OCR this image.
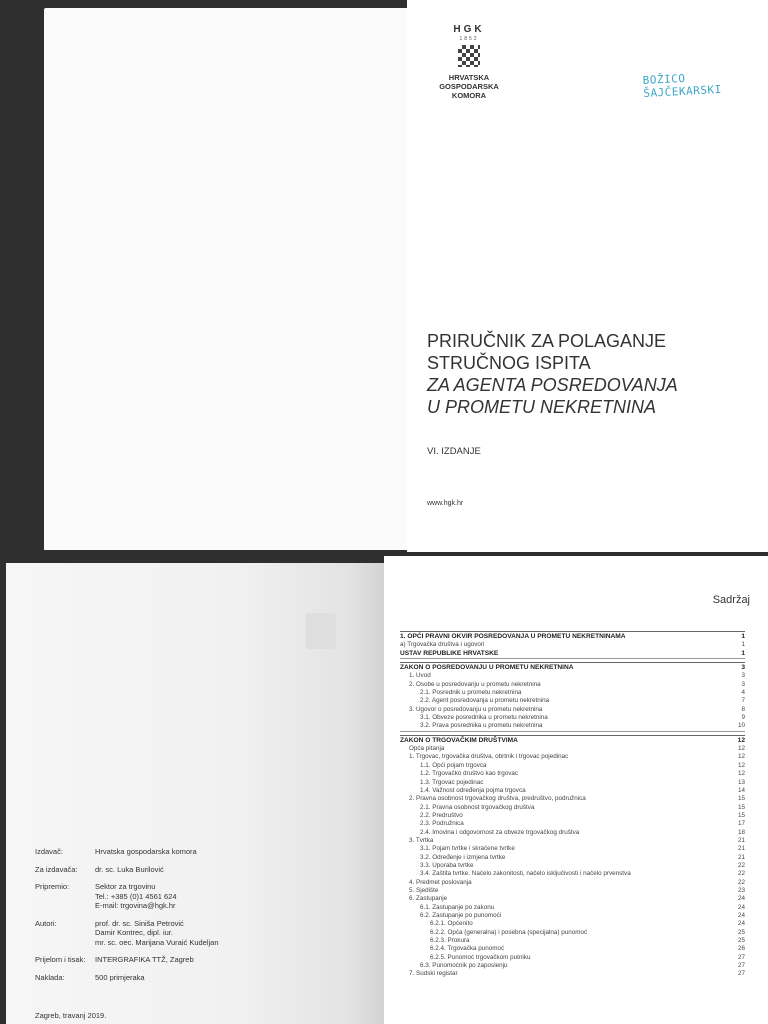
HGK
1852
HRVATSKA
GOSPODARSKA
KOMORA
BOŽICO
ŠAJČEKARSKI
PRIRUČNIK ZA POLAGANJE
STRUČNOG ISPITA
ZA AGENTA POSREDOVANJA
U PROMETU NEKRETNINA
VI. IZDANJE
www.hgk.hr
Izdavač:	Hrvatska gospodarska komora
Za izdavača:	dr. sc. Luka Burilović
Pripremio:	Sektor za trgovinu
Tel.: +385 (0)1 4561 624
E-mail: trgovina@hgk.hr
Autori:	prof. dr. sc. Siniša Petrović
Damir Kontrec, dipl. iur.
mr. sc. oec. Marijana Vuraić Kudeljan
Prijelom i tisak:	INTERGRAFIKA TTŽ, Zagreb
Naklada:	500 primjeraka
Zagreb, travanj 2019.
Sadržaj
1. OPĆI PRAVNI OKVIR POSREDOVANJA U PROMETU NEKRETNINAMA	1
a) Trgovačka društva i ugovori	1
USTAV REPUBLIKE HRVATSKE	1
ZAKON O POSREDOVANJU U PROMETU NEKRETNINA	3
1. Uvod	3
2. Osobe u posredovanju u prometu nekretnina	3
2.1. Posrednik u prometu nekretnina	4
2.2. Agent posredovanja u prometu nekretnina	7
3. Ugovor o posredovanju u prometu nekretnina	8
3.1. Obveze posrednika u prometu nekretnina	9
3.2. Prava posrednika u prometu nekretnina	10
ZAKON O TRGOVAČKIM DRUŠTVIMA	12
Opća pitanja	12
1. Trgovac, trgovačka društva, obrtnik i trgovac pojedinac	12
1.1. Opći pojam trgovca	12
1.2. Trgovačko društvo kao trgovac	12
1.3. Trgovac pojedinac	13
1.4. Važnost određenja pojma trgovca	14
2. Pravna osobnost trgovačkog društva, predruštvo, podružnica	15
2.1. Pravna osobnost trgovačkog društva	15
2.2. Predruštvo	15
2.3. Podružnica	17
2.4. Imovina i odgovornost za obveze trgovačkog društva	18
3. Tvrtka	21
3.1. Pojam tvrtke i skraćene tvrtke	21
3.2. Određenje i izmjena tvrtke	21
3.3. Uporaba tvrtke	22
3.4. Zaštita tvrtke. Načelo zakonitosti, načelo isključivosti i načelo prvenstva	22
4. Predmet poslovanja	22
5. Sjedište	23
6. Zastupanje	24
6.1. Zastupanje po zakonu	24
6.2. Zastupanje po punomoći	24
6.2.1. Općenito	24
6.2.2. Opća (generalna) i posebna (specijalna) punomoć	25
6.2.3. Prokura	25
6.2.4. Trgovačka punomoć	26
6.2.5. Punomoć trgovačkom putniku	27
6.3. Punomoćnik po zaposlenju	27
7. Sudski registar	27
